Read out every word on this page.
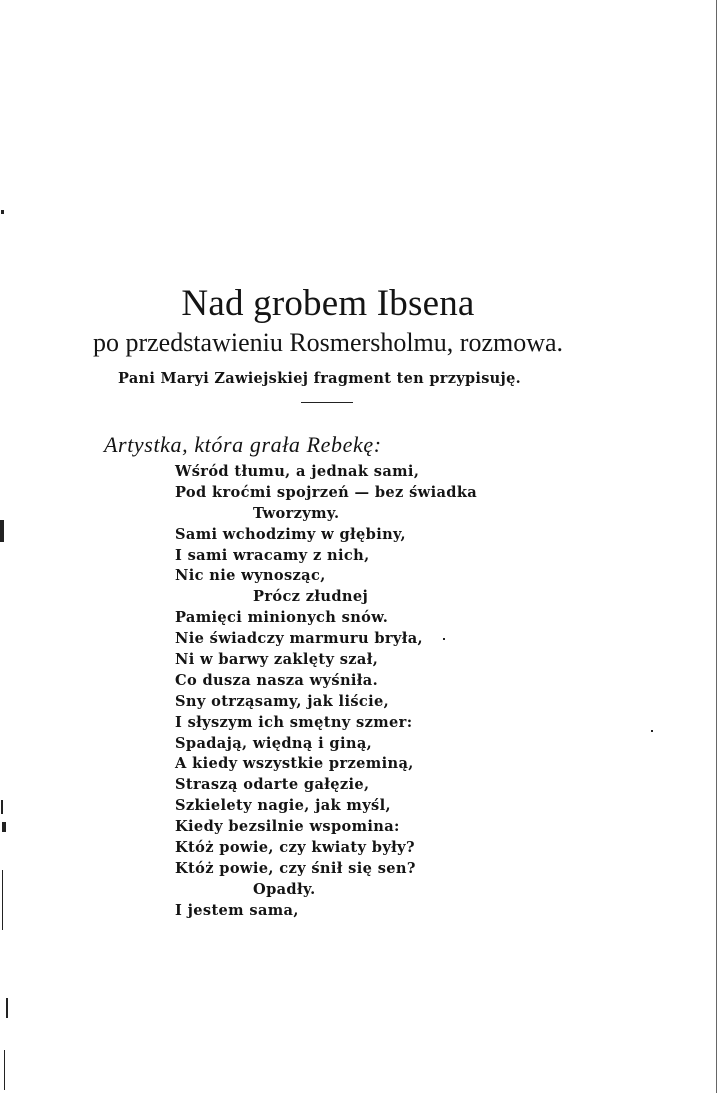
Nad grobem Ibsena
po przedstawieniu Rosmersholmu, rozmowa.
Pani Maryi Zawiejskiej fragment ten przypisuję.
Artystka, która grała Rebekę:
Wśród tłumu, a jednak sami,
Pod kroćmi spojrzeń — bez świadka
Tworzymy.
Sami wchodzimy w głębiny,
I sami wracamy z nich,
Nic nie wynosząc,
Prócz złudnej
Pamięci minionych snów.
Nie świadczy marmuru bryła,
Ni w barwy zaklęty szał,
Co dusza nasza wyśniła.
Sny otrząsamy, jak liście,
I słyszym ich smętny szmer:
Spadają, więdną i giną,
A kiedy wszystkie przeminą,
Straszą odarte gałęzie,
Szkielety nagie, jak myśl,
Kiedy bezsilnie wspomina:
Któż powie, czy kwiaty były?
Któż powie, czy śnił się sen?
Opadły.
I jestem sama,
